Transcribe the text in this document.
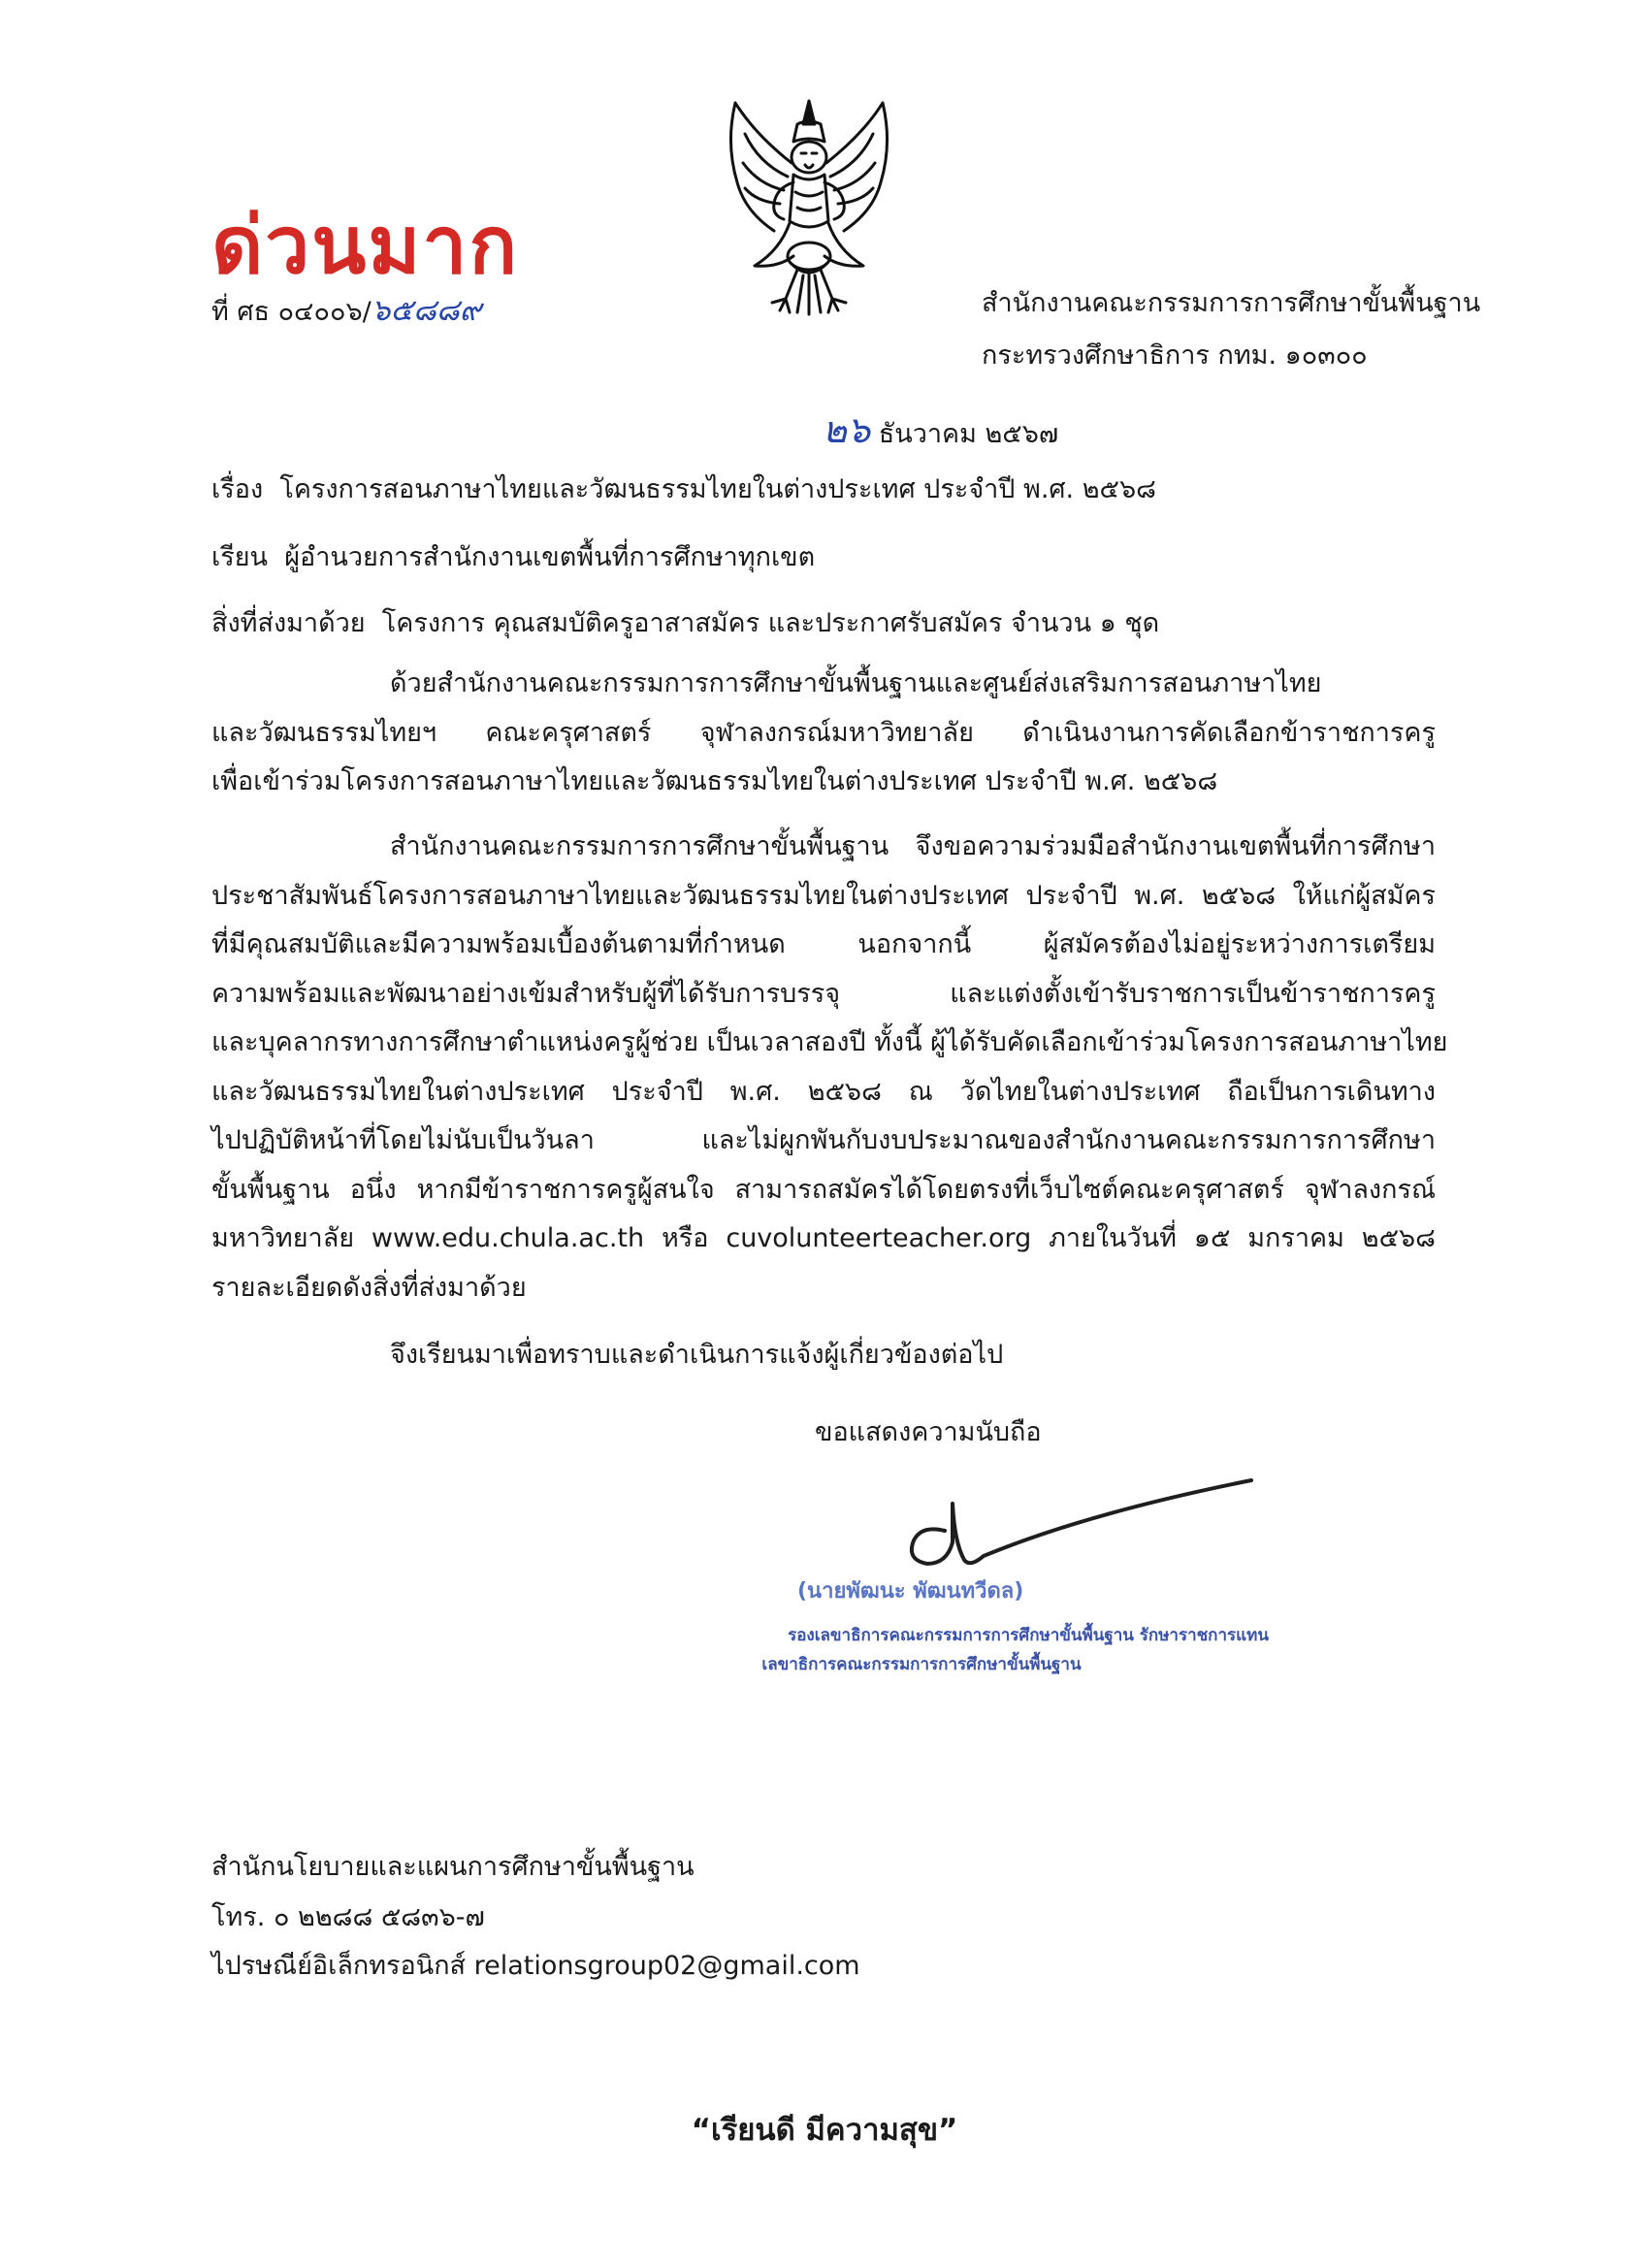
ด่วนมาก
ที่ ศธ ๐๔๐๐๖/๖๕๘๘๙	สำนักงานคณะกรรมการการศึกษาขั้นพื้นฐาน
กระทรวงศึกษาธิการ กทม. ๑๐๓๐๐
๒๖ ธันวาคม ๒๕๖๗
เรื่อง โครงการสอนภาษาไทยและวัฒนธรรมไทยในต่างประเทศ ประจำปี พ.ศ. ๒๕๖๘
เรียน ผู้อำนวยการสำนักงานเขตพื้นที่การศึกษาทุกเขต
สิ่งที่ส่งมาด้วย โครงการ คุณสมบัติครูอาสาสมัคร และประกาศรับสมัคร จำนวน ๑ ชุด
ด้วยสำนักงานคณะกรรมการการศึกษาขั้นพื้นฐานและศูนย์ส่งเสริมการสอนภาษาไทย
และวัฒนธรรมไทยฯ คณะครุศาสตร์ จุฬาลงกรณ์มหาวิทยาลัย ดำเนินงานการคัดเลือกข้าราชการครู
เพื่อเข้าร่วมโครงการสอนภาษาไทยและวัฒนธรรมไทยในต่างประเทศ ประจำปี พ.ศ. ๒๕๖๘
สำนักงานคณะกรรมการการศึกษาขั้นพื้นฐาน จึงขอความร่วมมือสำนักงานเขตพื้นที่การศึกษา
ประชาสัมพันธ์โครงการสอนภาษาไทยและวัฒนธรรมไทยในต่างประเทศ ประจำปี พ.ศ. ๒๕๖๘ ให้แก่ผู้สมัคร
ที่มีคุณสมบัติและมีความพร้อมเบื้องต้นตามที่กำหนด นอกจากนี้ ผู้สมัครต้องไม่อยู่ระหว่างการเตรียม
ความพร้อมและพัฒนาอย่างเข้มสำหรับผู้ที่ได้รับการบรรจุ และแต่งตั้งเข้ารับราชการเป็นข้าราชการครู
และบุคลากรทางการศึกษาตำแหน่งครูผู้ช่วย เป็นเวลาสองปี ทั้งนี้ ผู้ได้รับคัดเลือกเข้าร่วมโครงการสอนภาษาไทย
และวัฒนธรรมไทยในต่างประเทศ ประจำปี พ.ศ. ๒๕๖๘ ณ วัดไทยในต่างประเทศ ถือเป็นการเดินทาง
ไปปฏิบัติหน้าที่โดยไม่นับเป็นวันลา และไม่ผูกพันกับงบประมาณของสำนักงานคณะกรรมการการศึกษา
ขั้นพื้นฐาน อนึ่ง หากมีข้าราชการครูผู้สนใจ สามารถสมัครได้โดยตรงที่เว็บไซต์คณะครุศาสตร์ จุฬาลงกรณ์
มหาวิทยาลัย www.edu.chula.ac.th หรือ cuvolunteerteacher.org ภายในวันที่ ๑๕ มกราคม ๒๕๖๘
รายละเอียดดังสิ่งที่ส่งมาด้วย
จึงเรียนมาเพื่อทราบและดำเนินการแจ้งผู้เกี่ยวข้องต่อไป
ขอแสดงความนับถือ
(นายพัฒนะ พัฒนทวีดล)
รองเลขาธิการคณะกรรมการการศึกษาขั้นพื้นฐาน รักษาราชการแทน
เลขาธิการคณะกรรมการการศึกษาขั้นพื้นฐาน
สำนักนโยบายและแผนการศึกษาขั้นพื้นฐาน
โทร. ๐ ๒๒๘๘ ๕๘๓๖-๗
ไปรษณีย์อิเล็กทรอนิกส์ relationsgroup02@gmail.com
“เรียนดี มีความสุข”
